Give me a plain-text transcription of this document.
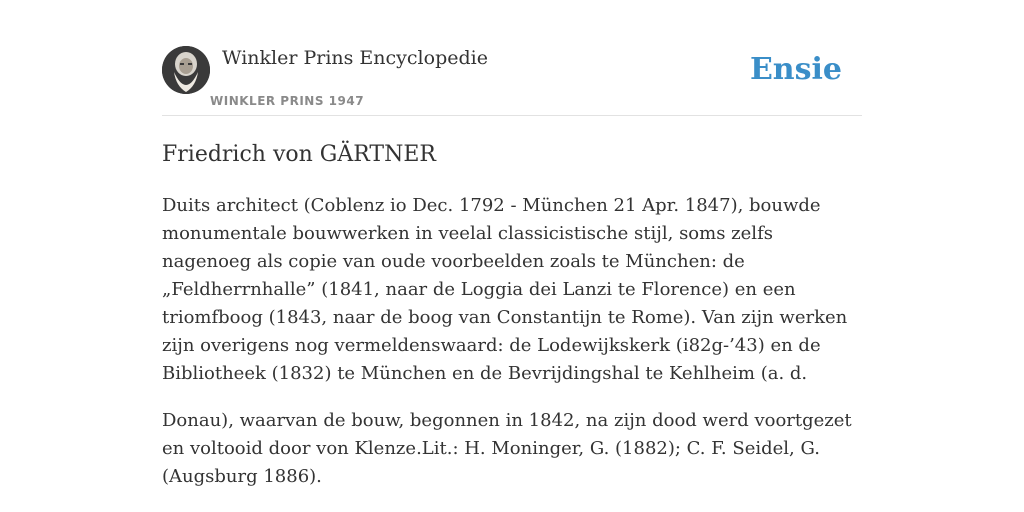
Winkler Prins Encyclopedie
WINKLER PRINS 1947
Ensie
Friedrich von GÄRTNER

Duits architect (Coblenz io Dec. 1792 - München 21 Apr. 1847), bouwde monumentale bouwwerken in veelal classicistische stijl, soms zelfs nagenoeg als copie van oude voorbeelden zoals te München: de „Feldherrnhalle” (1841, naar de Loggia dei Lanzi te Florence) en een triomfboog (1843, naar de boog van Constantijn te Rome). Van zijn werken zijn overigens nog vermeldenswaard: de Lodewijkskerk (i82g-’43) en de Bibliotheek (1832) te München en de Bevrijdingshal te Kehlheim (a. d.

Donau), waarvan de bouw, begonnen in 1842, na zijn dood werd voortgezet en voltooid door von Klenze.Lit.: H. Moninger, G. (1882); C. F. Seidel, G. (Augsburg 1886).
